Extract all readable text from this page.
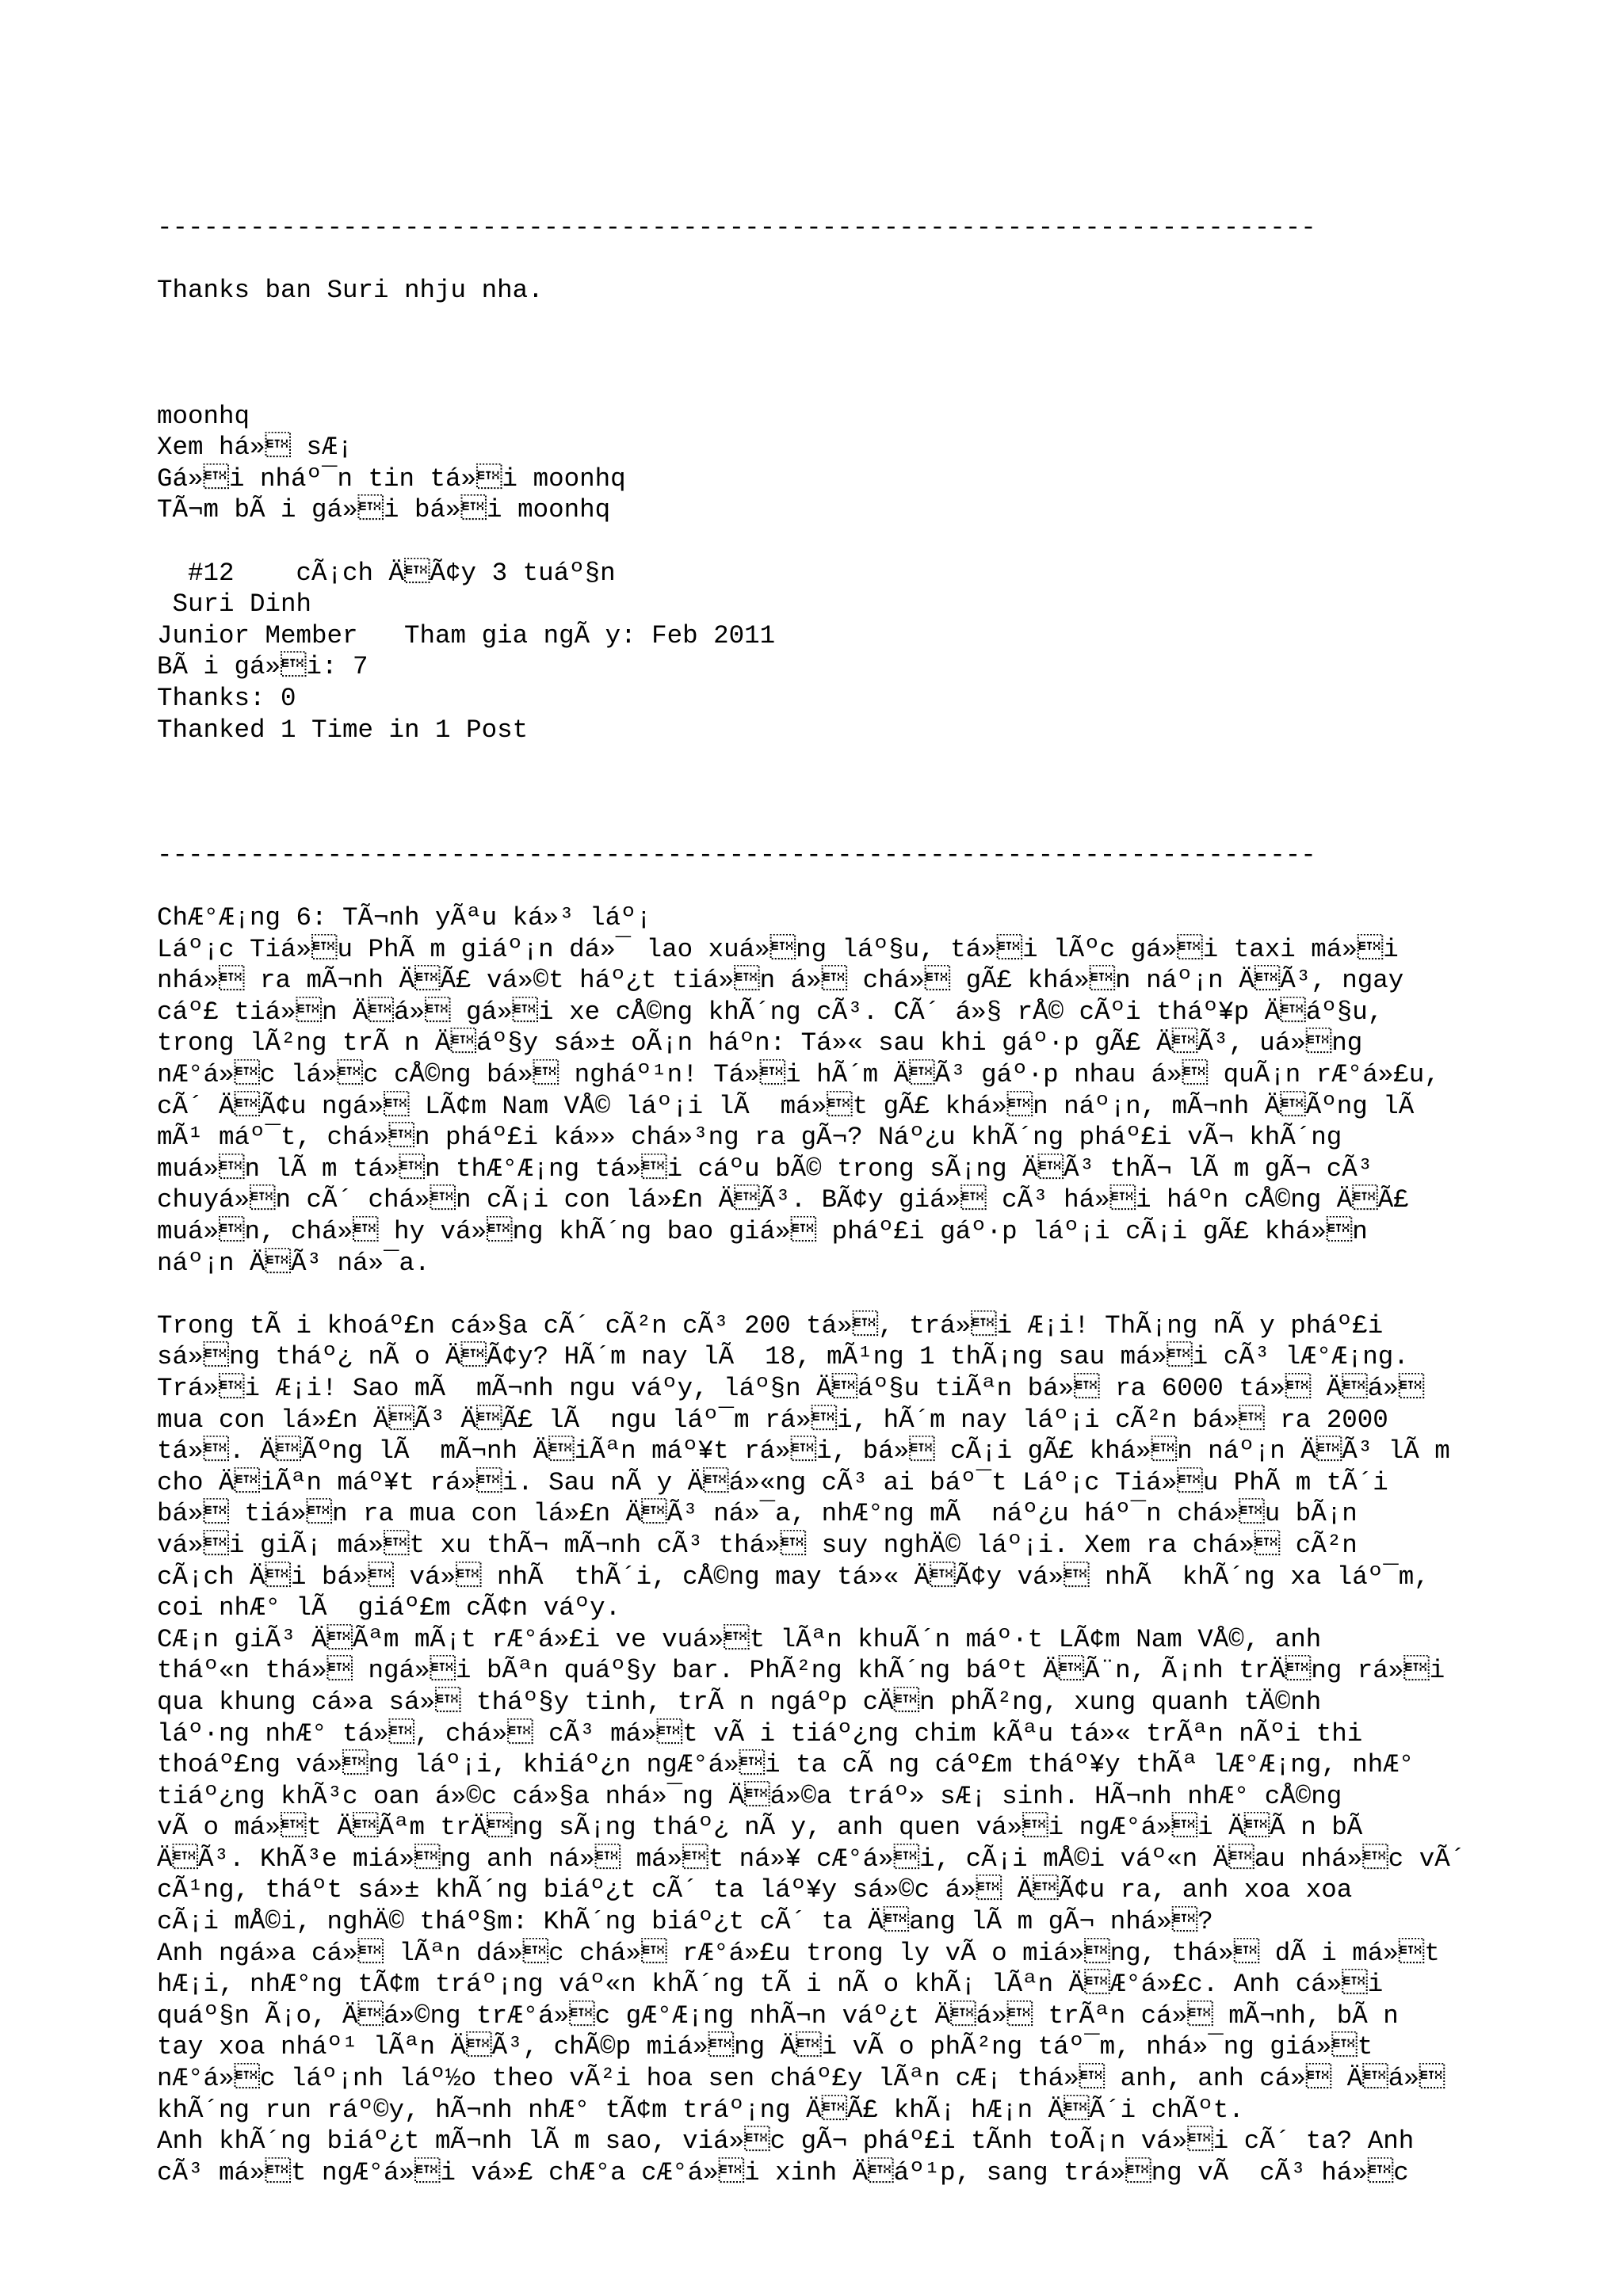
---------------------------------------------------------------------------
Thanks ban Suri nhju nha.
moonhq
Xem há» sÆ¡
Gá»i nháº¯n tin tá»i moonhq
TÃ¬m bÃ i gá»i bá»i moonhq
#12    cÃ¡ch ÄÃ¢y 3 tuáº§n
Suri Dinh
Junior Member   Tham gia ngÃ y: Feb 2011
BÃ i gá»i: 7
Thanks: 0
Thanked 1 Time in 1 Post
---------------------------------------------------------------------------
ChÆ°Æ¡ng 6: TÃ¬nh yÃªu ká»³ láº¡
Láº¡c Tiá»u PhÃ m giáº¡n dá»¯ lao xuá»ng láº§u, tá»i lÃºc gá»i taxi má»i
nhá» ra mÃ¬nh ÄÃ£ vá»©t háº¿t tiá»n á» chá» gÃ£ khá»n náº¡n ÄÃ³, ngay
cáº£ tiá»n Äá» gá»i xe cÅ©ng khÃ´ng cÃ³. CÃ´ á»§ rÅ© cÃºi tháº¥p Äáº§u,
trong lÃ²ng trÃ n Äáº§y sá»± oÃ¡n háºn: Tá»« sau khi gáº·p gÃ£ ÄÃ³, uá»ng
nÆ°á»c lá»c cÅ©ng bá» ngháº¹n! Tá»i hÃ´m ÄÃ³ gáº·p nhau á» quÃ¡n rÆ°á»£u,
cÃ´ ÄÃ¢u ngá» LÃ¢m Nam VÅ© láº¡i lÃ  má»t gÃ£ khá»n náº¡n, mÃ¬nh ÄÃºng lÃ
mÃ¹ máº¯t, chá»n pháº£i ká»» chá»³ng ra gÃ¬? Náº¿u khÃ´ng pháº£i vÃ¬ khÃ´ng
muá»n lÃ m tá»n thÆ°Æ¡ng tá»i cáºu bÃ© trong sÃ¡ng ÄÃ³ thÃ¬ lÃ m gÃ¬ cÃ³
chuyá»n cÃ´ chá»n cÃ¡i con lá»£n ÄÃ³. BÃ¢y giá» cÃ³ há»i háºn cÅ©ng ÄÃ£
muá»n, chá» hy vá»ng khÃ´ng bao giá» pháº£i gáº·p láº¡i cÃ¡i gÃ£ khá»n
náº¡n ÄÃ³ ná»¯a.
Trong tÃ i khoáº£n cá»§a cÃ´ cÃ²n cÃ³ 200 tá», trá»i Æ¡i! ThÃ¡ng nÃ y pháº£i
sá»ng tháº¿ nÃ o ÄÃ¢y? HÃ´m nay lÃ  18, mÃ¹ng 1 thÃ¡ng sau má»i cÃ³ lÆ°Æ¡ng.
Trá»i Æ¡i! Sao mÃ  mÃ¬nh ngu váºy, láº§n Äáº§u tiÃªn bá» ra 6000 tá» Äá»
mua con lá»£n ÄÃ³ ÄÃ£ lÃ  ngu láº¯m rá»i, hÃ´m nay láº¡i cÃ²n bá» ra 2000
tá». ÄÃºng lÃ  mÃ¬nh ÄiÃªn máº¥t rá»i, bá» cÃ¡i gÃ£ khá»n náº¡n ÄÃ³ lÃ m
cho ÄiÃªn máº¥t rá»i. Sau nÃ y Äá»«ng cÃ³ ai báº¯t Láº¡c Tiá»u PhÃ m tÃ´i
bá» tiá»n ra mua con lá»£n ÄÃ³ ná»¯a, nhÆ°ng mÃ  náº¿u háº¯n chá»u bÃ¡n
vá»i giÃ¡ má»t xu thÃ¬ mÃ¬nh cÃ³ thá» suy nghÄ© láº¡i. Xem ra chá» cÃ²n
cÃ¡ch Äi bá» vá» nhÃ  thÃ´i, cÅ©ng may tá»« ÄÃ¢y vá» nhÃ  khÃ´ng xa láº¯m,
coi nhÆ° lÃ  giáº£m cÃ¢n váºy.
CÆ¡n giÃ³ ÄÃªm mÃ¡t rÆ°á»£i ve vuá»t lÃªn khuÃ´n máº·t LÃ¢m Nam VÅ©, anh
tháº«n thá» ngá»i bÃªn quáº§y bar. PhÃ²ng khÃ´ng báºt ÄÃ¨n, Ã¡nh trÄng rá»i
qua khung cá»a sá» tháº§y tinh, trÃ n ngáºp cÄn phÃ²ng, xung quanh tÄ©nh
láº·ng nhÆ° tá», chá» cÃ³ má»t vÃ i tiáº¿ng chim kÃªu tá»« trÃªn nÃºi thi
thoáº£ng vá»ng láº¡i, khiáº¿n ngÆ°á»i ta cÃ ng cáº£m tháº¥y thÃª lÆ°Æ¡ng, nhÆ°
tiáº¿ng khÃ³c oan á»©c cá»§a nhá»¯ng Äá»©a tráº» sÆ¡ sinh. HÃ¬nh nhÆ° cÅ©ng
vÃ o má»t ÄÃªm trÄng sÃ¡ng tháº¿ nÃ y, anh quen vá»i ngÆ°á»i ÄÃ n bÃ
ÄÃ³. KhÃ³e miá»ng anh ná» má»t ná»¥ cÆ°á»i, cÃ¡i mÅ©i váº«n Äau nhá»c vÃ´
cÃ¹ng, tháºt sá»± khÃ´ng biáº¿t cÃ´ ta láº¥y sá»©c á» ÄÃ¢u ra, anh xoa xoa
cÃ¡i mÅ©i, nghÄ© tháº§m: KhÃ´ng biáº¿t cÃ´ ta Äang lÃ m gÃ¬ nhá»?
Anh ngá»a cá» lÃªn dá»c chá» rÆ°á»£u trong ly vÃ o miá»ng, thá» dÃ i má»t
hÆ¡i, nhÆ°ng tÃ¢m tráº¡ng váº«n khÃ´ng tÃ i nÃ o khÃ¡ lÃªn ÄÆ°á»£c. Anh cá»i
quáº§n Ã¡o, Äá»©ng trÆ°á»c gÆ°Æ¡ng nhÃ¬n váº¿t Äá» trÃªn cá» mÃ¬nh, bÃ n
tay xoa nháº¹ lÃªn ÄÃ³, chÃ©p miá»ng Äi vÃ o phÃ²ng táº¯m, nhá»¯ng giá»t
nÆ°á»c láº¡nh láº½o theo vÃ²i hoa sen cháº£y lÃªn cÆ¡ thá» anh, anh cá» Äá»
khÃ´ng run ráº©y, hÃ¬nh nhÆ° tÃ¢m tráº¡ng ÄÃ£ khÃ¡ hÆ¡n ÄÃ´i chÃºt.
Anh khÃ´ng biáº¿t mÃ¬nh lÃ m sao, viá»c gÃ¬ pháº£i tÃnh toÃ¡n vá»i cÃ´ ta? Anh
cÃ³ má»t ngÆ°á»i vá»£ chÆ°a cÆ°á»i xinh Äáº¹p, sang trá»ng vÃ  cÃ³ há»c
